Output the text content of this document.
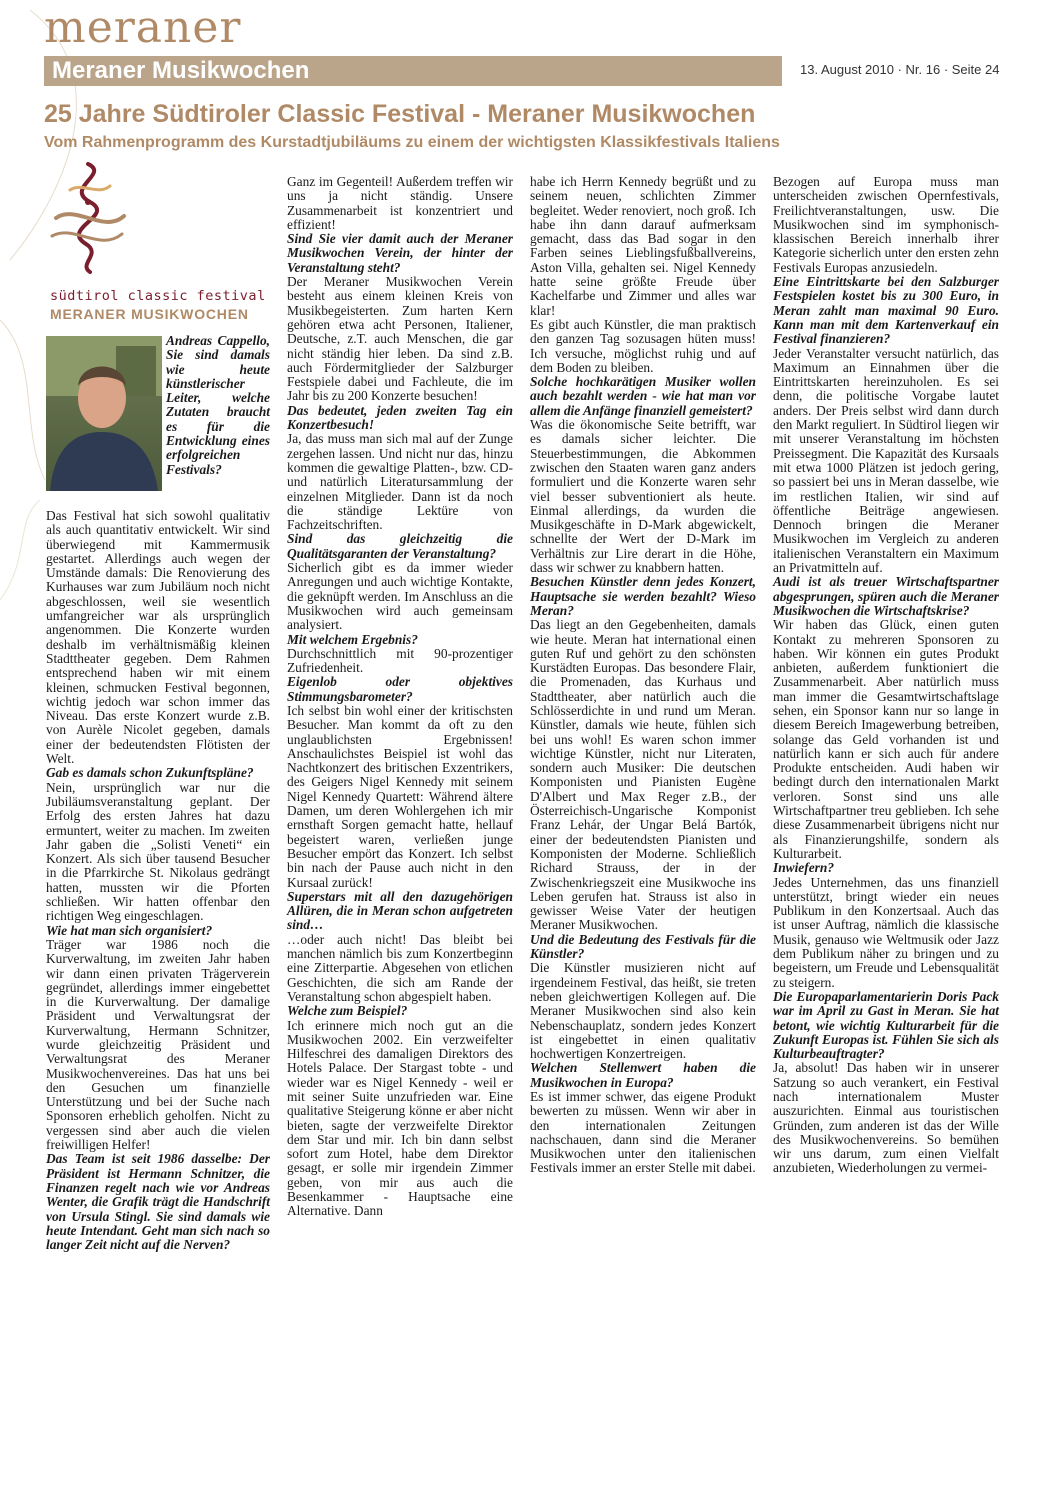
meraner
Meraner Musikwochen	13. August 2010 · Nr. 16 · Seite 24
25 Jahre Südtiroler Classic Festival - Meraner Musikwochen
Vom Rahmenprogramm des Kurstadtjubiläums zu einem der wichtigsten Klassikfestivals Italiens
südtirol classic festival
MERANER MUSIKWOCHEN

Andreas Cappello, Sie sind damals wie heute künstlerischer Leiter, welche Zutaten braucht es für die Entwicklung eines erfolgreichen Festivals?

Das Festival hat sich sowohl qualitativ als auch quantitativ entwickelt. Wir sind überwiegend mit Kammermusik gestartet. Allerdings auch wegen der Umstände damals: Die Renovierung des Kurhauses war zum Jubiläum noch nicht abgeschlossen, weil sie wesentlich umfangreicher war als ursprünglich angenommen. Die Konzerte wurden deshalb im verhältnismäßig kleinen Stadttheater gegeben. Dem Rahmen entsprechend haben wir mit einem kleinen, schmucken Festival begonnen, wichtig jedoch war schon immer das Niveau. Das erste Konzert wurde z.B. von Aurèle Nicolet gegeben, damals einer der bedeutendsten Flötisten der Welt.

Gab es damals schon Zukunftspläne?

Nein, ursprünglich war nur die Jubiläumsveranstaltung geplant. Der Erfolg des ersten Jahres hat dazu ermuntert, weiter zu machen. Im zweiten Jahr gaben die „Solisti Veneti“ ein Konzert. Als sich über tausend Besucher in die Pfarrkirche St. Nikolaus gedrängt hatten, mussten wir die Pforten schließen. Wir hatten offenbar den richtigen Weg eingeschlagen.

Wie hat man sich organisiert?

Träger war 1986 noch die Kurverwaltung, im zweiten Jahr haben wir dann einen privaten Trägerverein gegründet, allerdings immer eingebettet in die Kurverwaltung. Der damalige Präsident und Verwaltungsrat der Kurverwaltung, Hermann Schnitzer, wurde gleichzeitig Präsident und Verwaltungsrat des Meraner Musikwochenvereines. Das hat uns bei den Gesuchen um finanzielle Unterstützung und bei der Suche nach Sponsoren erheblich geholfen. Nicht zu vergessen sind aber auch die vielen freiwilligen Helfer!

Das Team ist seit 1986 dasselbe: Der Präsident ist Hermann Schnitzer, die Finanzen regelt nach wie vor Andreas Wenter, die Grafik trägt die Handschrift von Ursula Stingl. Sie sind damals wie heute Intendant. Geht man sich nach so langer Zeit nicht auf die Nerven?

Ganz im Gegenteil! Außerdem treffen wir uns ja nicht ständig. Unsere Zusammenarbeit ist konzentriert und effizient!

Sind Sie vier damit auch der Meraner Musikwochen Verein, der hinter der Veranstaltung steht?

Der Meraner Musikwochen Verein besteht aus einem kleinen Kreis von Musikbegeisterten. Zum harten Kern gehören etwa acht Personen, Italiener, Deutsche, z.T. auch Menschen, die gar nicht ständig hier leben. Da sind z.B. auch Fördermitglieder der Salzburger Festspiele dabei und Fachleute, die im Jahr bis zu 200 Konzerte besuchen!

Das bedeutet, jeden zweiten Tag ein Konzertbesuch!

Ja, das muss man sich mal auf der Zunge zergehen lassen. Und nicht nur das, hinzu kommen die gewaltige Platten-, bzw. CD- und natürlich Literatursammlung der einzelnen Mitglieder. Dann ist da noch die ständige Lektüre von Fachzeitschriften.

Sind das gleichzeitig die Qualitätsgaranten der Veranstaltung?

Sicherlich gibt es da immer wieder Anregungen und auch wichtige Kontakte, die geknüpft werden. Im Anschluss an die Musikwochen wird auch gemeinsam analysiert.

Mit welchem Ergebnis?

Durchschnittlich mit 90-prozentiger Zufriedenheit.

Eigenlob oder objektives Stimmungsbarometer?

Ich selbst bin wohl einer der kritischsten Besucher. Man kommt da oft zu den unglaublichsten Ergebnissen! Anschaulichstes Beispiel ist wohl das Nachtkonzert des britischen Exzentrikers, des Geigers Nigel Kennedy mit seinem Nigel Kennedy Quartett: Während ältere Damen, um deren Wohlergehen ich mir ernsthaft Sorgen gemacht hatte, hellauf begeistert waren, verließen junge Besucher empört das Konzert. Ich selbst bin nach der Pause auch nicht in den Kursaal zurück!

Superstars mit all den dazugehörigen Allüren, die in Meran schon aufgetreten sind…

…oder auch nicht! Das bleibt bei manchen nämlich bis zum Konzertbeginn eine Zitterpartie. Abgesehen von etlichen Geschichten, die sich am Rande der Veranstaltung schon abgespielt haben.

Welche zum Beispiel?

Ich erinnere mich noch gut an die Musikwochen 2002. Ein verzweifelter Hilfeschrei des damaligen Direktors des Hotels Palace. Der Stargast tobte - und wieder war es Nigel Kennedy - weil er mit seiner Suite unzufrieden war. Eine qualitative Steigerung könne er aber nicht bieten, sagte der verzweifelte Direktor dem Star und mir. Ich bin dann selbst sofort zum Hotel, habe dem Direktor gesagt, er solle mir irgendein Zimmer geben, von mir aus auch die Besenkammer - Hauptsache eine Alternative. Dann

habe ich Herrn Kennedy begrüßt und zu seinem neuen, schlichten Zimmer begleitet. Weder renoviert, noch groß. Ich habe ihn dann darauf aufmerksam gemacht, dass das Bad sogar in den Farben seines Lieblingsfußballvereins, Aston Villa, gehalten sei. Nigel Kennedy hatte seine größte Freude über Kachelfarbe und Zimmer und alles war klar!

Es gibt auch Künstler, die man praktisch den ganzen Tag sozusagen hüten muss! Ich versuche, möglichst ruhig und auf dem Boden zu bleiben.

Solche hochkarätigen Musiker wollen auch bezahlt werden - wie hat man vor allem die Anfänge finanziell gemeistert?

Was die ökonomische Seite betrifft, war es damals sicher leichter. Die Steuerbestimmungen, die Abkommen zwischen den Staaten waren ganz anders formuliert und die Konzerte waren sehr viel besser subventioniert als heute. Einmal allerdings, da wurden die Musikgeschäfte in D-Mark abgewickelt, schnellte der Wert der D-Mark im Verhältnis zur Lire derart in die Höhe, dass wir schwer zu knabbern hatten.

Besuchen Künstler denn jedes Konzert, Hauptsache sie werden bezahlt? Wieso Meran?

Das liegt an den Gegebenheiten, damals wie heute. Meran hat international einen guten Ruf und gehört zu den schönsten Kurstädten Europas. Das besondere Flair, die Promenaden, das Kurhaus und Stadttheater, aber natürlich auch die Schlösserdichte in und rund um Meran. Künstler, damals wie heute, fühlen sich bei uns wohl! Es waren schon immer wichtige Künstler, nicht nur Literaten, sondern auch Musiker: Die deutschen Komponisten und Pianisten Eugène D'Albert und Max Reger z.B., der Österreichisch-Ungarische Komponist Franz Lehár, der Ungar Belá Bartók, einer der bedeutendsten Pianisten und Komponisten der Moderne. Schließlich Richard Strauss, der in der Zwischenkriegszeit eine Musikwoche ins Leben gerufen hat. Strauss ist also in gewisser Weise Vater der heutigen Meraner Musikwochen.

Und die Bedeutung des Festivals für die Künstler?

Die Künstler musizieren nicht auf irgendeinem Festival, das heißt, sie treten neben gleichwertigen Kollegen auf. Die Meraner Musikwochen sind also kein Nebenschauplatz, sondern jedes Konzert ist eingebettet in einen qualitativ hochwertigen Konzertreigen.

Welchen Stellenwert haben die Musikwochen in Europa?

Es ist immer schwer, das eigene Produkt bewerten zu müssen. Wenn wir aber in den internationalen Zeitungen nachschauen, dann sind die Meraner Musikwochen unter den italienischen Festivals immer an erster Stelle mit dabei.

Bezogen auf Europa muss man unterscheiden zwischen Opernfestivals, Freilichtveranstaltungen, usw. Die Musikwochen sind im symphonisch- klassischen Bereich innerhalb ihrer Kategorie sicherlich unter den ersten zehn Festivals Europas anzusiedeln.

Eine Eintrittskarte bei den Salzburger Festspielen kostet bis zu 300 Euro, in Meran zahlt man maximal 90 Euro. Kann man mit dem Kartenverkauf ein Festival finanzieren?

Jeder Veranstalter versucht natürlich, das Maximum an Einnahmen über die Eintrittskarten hereinzuholen. Es sei denn, die politische Vorgabe lautet anders. Der Preis selbst wird dann durch den Markt reguliert. In Südtirol liegen wir mit unserer Veranstaltung im höchsten Preissegment. Die Kapazität des Kursaals mit etwa 1000 Plätzen ist jedoch gering, so passiert bei uns in Meran dasselbe, wie im restlichen Italien, wir sind auf öffentliche Beiträge angewiesen. Dennoch bringen die Meraner Musikwochen im Vergleich zu anderen italienischen Veranstaltern ein Maximum an Privatmitteln auf.

Audi ist als treuer Wirtschaftspartner abgesprungen, spüren auch die Meraner Musikwochen die Wirtschaftskrise?

Wir haben das Glück, einen guten Kontakt zu mehreren Sponsoren zu haben. Wir können ein gutes Produkt anbieten, außerdem funktioniert die Zusammenarbeit. Aber natürlich muss man immer die Gesamtwirtschaftslage sehen, ein Sponsor kann nur so lange in diesem Bereich Imagewerbung betreiben, solange das Geld vorhanden ist und natürlich kann er sich auch für andere Produkte entscheiden. Audi haben wir bedingt durch den internationalen Markt verloren. Sonst sind uns alle Wirtschaftpartner treu geblieben. Ich sehe diese Zusammenarbeit übrigens nicht nur als Finanzierungshilfe, sondern als Kulturarbeit.

Inwiefern?

Jedes Unternehmen, das uns finanziell unterstützt, bringt wieder ein neues Publikum in den Konzertsaal. Auch das ist unser Auftrag, nämlich die klassische Musik, genauso wie Weltmusik oder Jazz dem Publikum näher zu bringen und zu begeistern, um Freude und Lebensqualität zu steigern.

Die Europaparlamentarierin Doris Pack war im April zu Gast in Meran. Sie hat betont, wie wichtig Kulturarbeit für die Zukunft Europas ist. Fühlen Sie sich als Kulturbeauftragter?

Ja, absolut! Das haben wir in unserer Satzung so auch verankert, ein Festival nach internationalem Muster auszurichten. Einmal aus touristischen Gründen, zum anderen ist das der Wille des Musikwochenvereins. So bemühen wir uns darum, zum einen Vielfalt anzubieten, Wiederholungen zu vermei-
